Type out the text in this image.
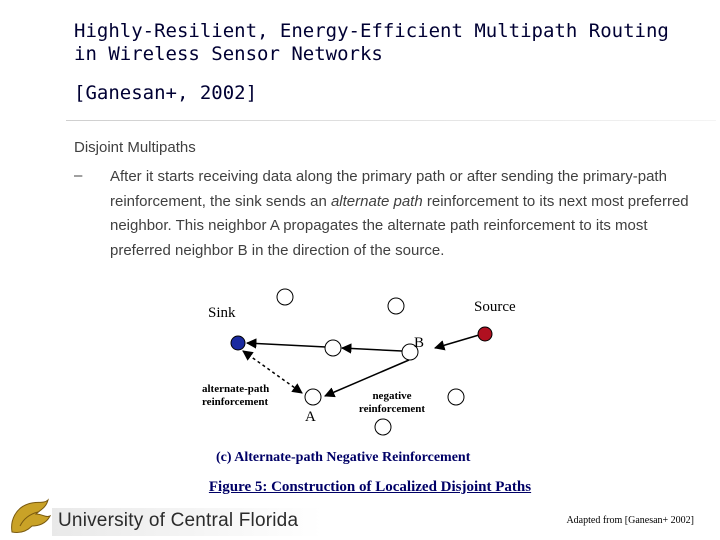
Highly-Resilient, Energy-Efficient Multipath Routing in Wireless Sensor Networks
[Ganesan+, 2002]
Disjoint Multipaths
– After it starts receiving data along the primary path or after sending the primary-path reinforcement, the sink sends an alternate path reinforcement to its next most preferred neighbor. This neighbor A propagates the alternate path reinforcement to its most preferred neighbor B in the direction of the source.
Sink	Source
B
A
alternate-path
reinforcement	negative
reinforcement
(c) Alternate-path Negative Reinforcement
Figure 5: Construction of Localized Disjoint Paths
University of Central Florida	Adapted from [Ganesan+ 2002]
